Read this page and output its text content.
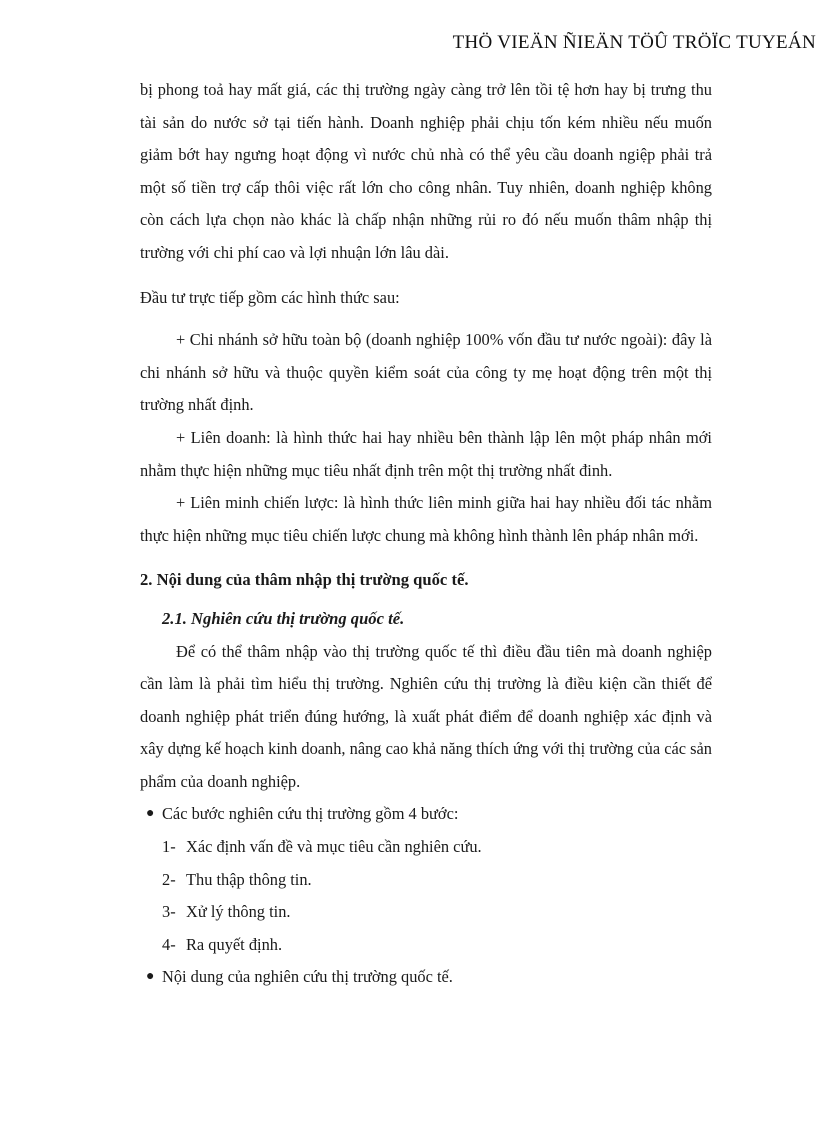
THÖ VIEÄN ÑIEÄN TÖÛ TRÖÏC TUYEÁN

bị phong toả hay mất giá, các thị trường ngày càng trở lên tồi tệ hơn hay bị trưng thu tài sản do nước sở tại tiến hành. Doanh nghiệp phải chịu tốn kém nhiều nếu muốn giảm bớt hay ngưng hoạt động vì nước chủ nhà có thể yêu cầu doanh ngiệp phải trả một số tiền trợ cấp thôi việc rất lớn cho công nhân. Tuy nhiên, doanh nghiệp không còn cách lựa chọn nào khác là chấp nhận những rủi ro đó nếu muốn thâm nhập thị trường với chi phí cao và lợi nhuận lớn lâu dài.

Đầu tư trực tiếp gồm các hình thức sau:

+ Chi nhánh sở hữu toàn bộ (doanh nghiệp 100% vốn đầu tư nước ngoài): đây là chi nhánh sở hữu và thuộc quyền kiểm soát của công ty mẹ hoạt động trên một thị trường nhất định.

+ Liên doanh: là hình thức hai hay nhiều bên thành lập lên một pháp nhân mới nhằm thực hiện những mục tiêu nhất định trên một thị trường nhất đinh.

+ Liên minh chiến lược: là hình thức liên minh giữa hai hay nhiều đối tác nhằm thực hiện những mục tiêu chiến lược chung mà không hình thành lên pháp nhân mới.

2. Nội dung của thâm nhập thị trường quốc tế.

2.1. Nghiên cứu thị trường quốc tế.

Để có thể thâm nhập vào thị trường quốc tế thì điều đầu tiên mà doanh nghiệp cần làm là phải tìm hiểu thị trường. Nghiên cứu thị trường là điều kiện cần thiết để doanh nghiệp phát triển đúng hướng, là xuất phát điểm để doanh nghiệp xác định và xây dựng kế hoạch kinh doanh, nâng cao khả năng thích ứng với thị trường của các sản phẩm của doanh nghiệp.

● Các bước nghiên cứu thị trường gồm 4 bước:

1- Xác định vấn đề và mục tiêu cần nghiên cứu.

2- Thu thập thông tin.

3- Xử lý thông tin.

4- Ra quyết định.

● Nội dung của nghiên cứu thị trường quốc tế.
